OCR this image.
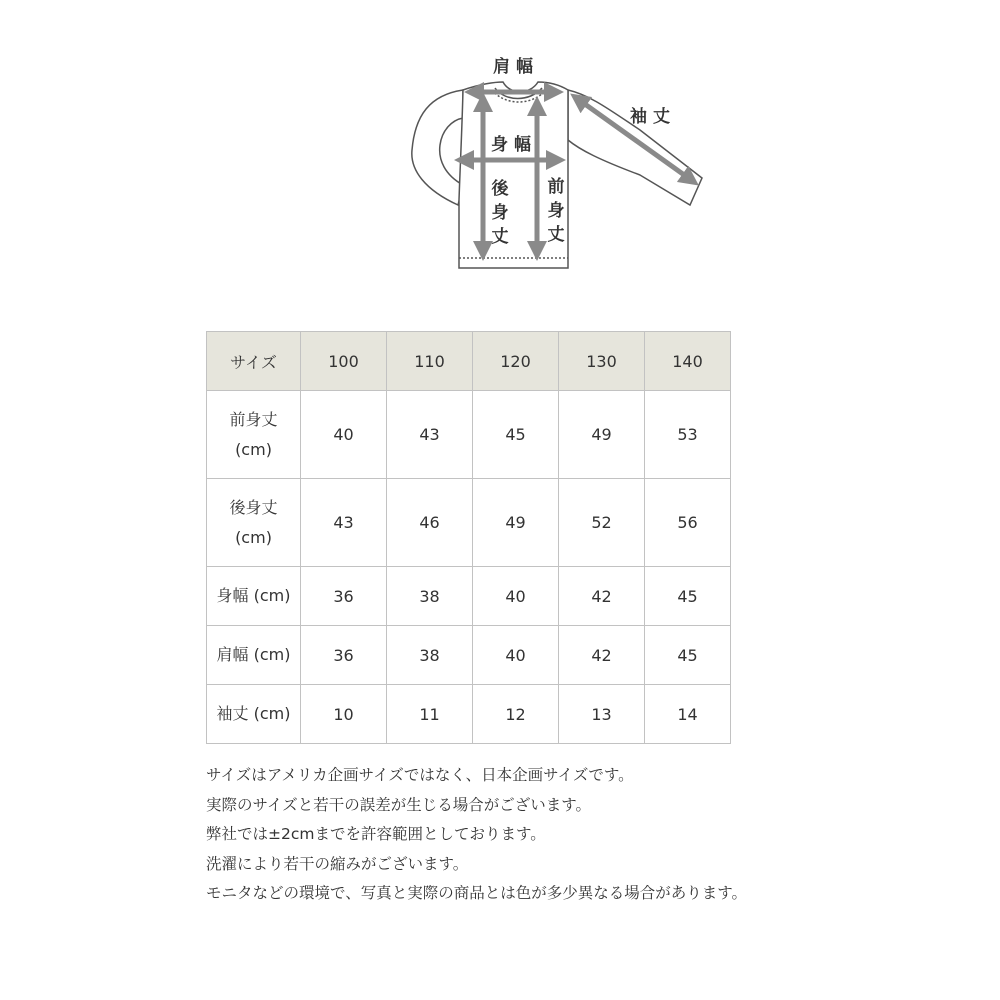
肩 幅
袖 丈
身 幅
後
身
丈
前
身
丈
サイズ	100	110	120	130	140
前身丈
(cm)	40	43	45	49	53
後身丈
(cm)	43	46	49	52	56
身幅 (cm)	36	38	40	42	45
肩幅 (cm)	36	38	40	42	45
袖丈 (cm)	10	11	12	13	14
サイズはアメリカ企画サイズではなく、日本企画サイズです。
実際のサイズと若干の誤差が生じる場合がございます。
弊社では±2cmまでを許容範囲としております。
洗濯により若干の縮みがございます。
モニタなどの環境で、写真と実際の商品とは色が多少異なる場合があります。
